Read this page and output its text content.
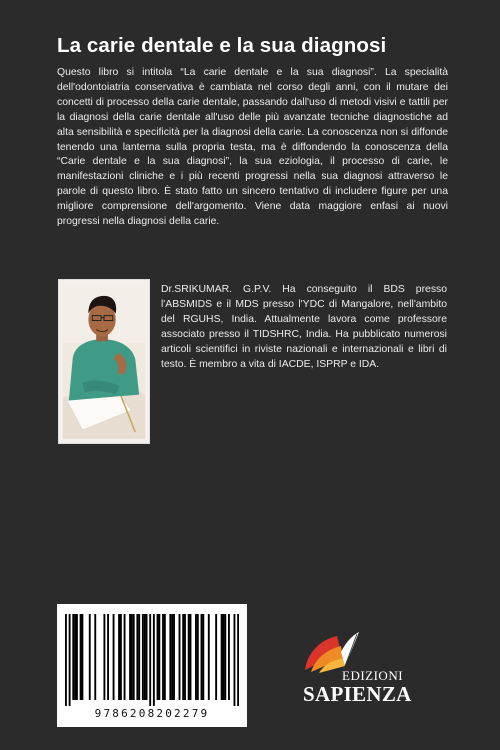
La carie dentale e la sua diagnosi
Questo libro si intitola “La carie dentale e la sua diagnosi”. La specialità dell'odontoiatria conservativa è cambiata nel corso degli anni, con il mutare dei concetti di processo della carie dentale, passando dall'uso di metodi visivi e tattili per la diagnosi della carie dentale all'uso delle più avanzate tecniche diagnostiche ad alta sensibilità e specificità per la diagnosi della carie. La conoscenza non si diffonde tenendo una lanterna sulla propria testa, ma è diffondendo la conoscenza della “Carie dentale e la sua diagnosi”, la sua eziologia, il processo di carie, le manifestazioni cliniche e i più recenti progressi nella sua diagnosi attraverso le parole di questo libro. È stato fatto un sincero tentativo di includere figure per una migliore comprensione dell'argomento. Viene data maggiore enfasi ai nuovi progressi nella diagnosi della carie.
Dr.SRIKUMAR. G.P.V. Ha conseguito il BDS presso l'ABSMIDS e il MDS presso l'YDC di Mangalore, nell'ambito del RGUHS, India. Attualmente lavora come professore associato presso il TIDSHRC, India. Ha pubblicato numerosi articoli scientifici in riviste nazionali e internazionali e libri di testo. È membro a vita di IACDE, ISPRP e IDA.
9786208202279
EDIZIONI
SAPIENZA
